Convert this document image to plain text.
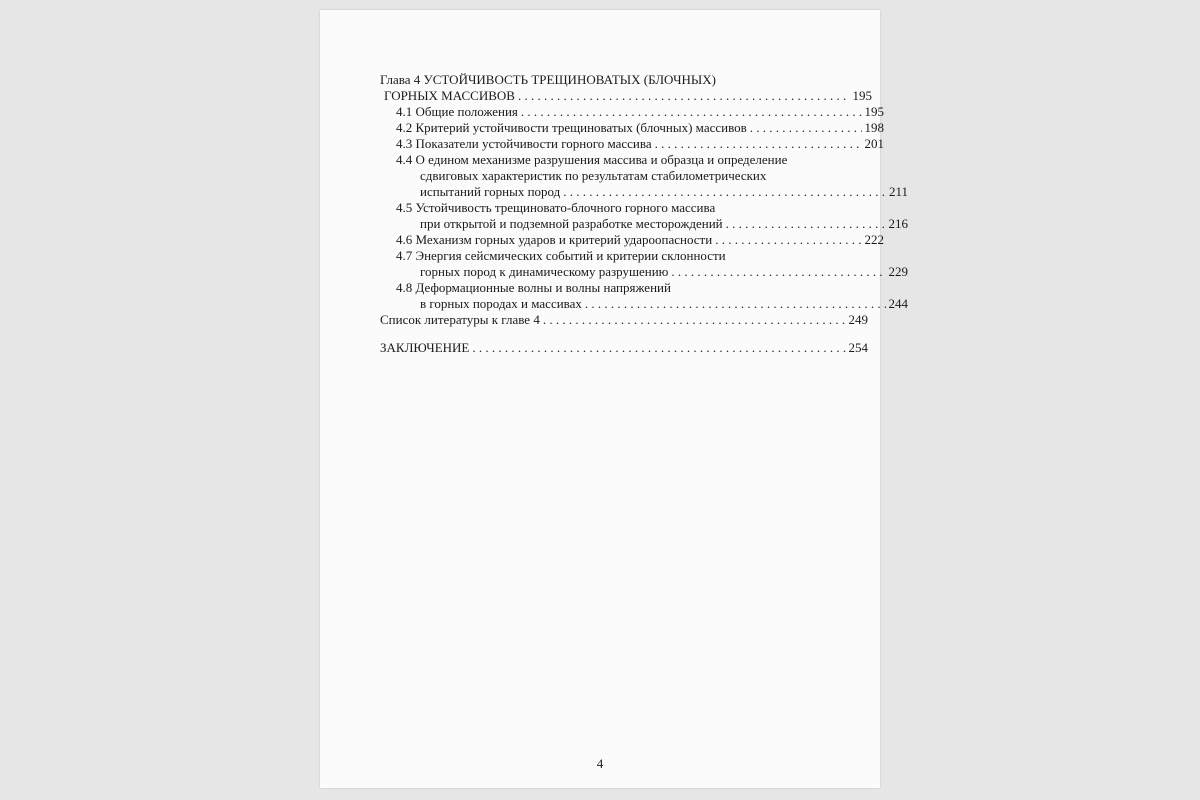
Глава 4 УСТОЙЧИВОСТЬ ТРЕЩИНОВАТЫХ (БЛОЧНЫХ)
ГОРНЫХ МАССИВОВ . . .	195
4.1 Общие положения . . .	195
4.2 Критерий устойчивости трещиноватых (блочных) массивов . . .	198
4.3 Показатели устойчивости горного массива . . .	201
4.4 О едином механизме разрушения массива и образца и определение
сдвиговых характеристик по результатам стабилометрических
испытаний горных пород . . .	211
4.5 Устойчивость трещиновато-блочного горного массива
при открытой и подземной разработке месторождений . . .	216
4.6 Механизм горных ударов и критерий удароопасности . . .	222
4.7 Энергия сейсмических событий и критерии склонности
горных пород к динамическому разрушению . . .	229
4.8 Деформационные волны и волны напряжений
в горных породах и массивах . . .	244
Список литературы к главе 4 . . .	249
ЗАКЛЮЧЕНИЕ . . .	254
4
